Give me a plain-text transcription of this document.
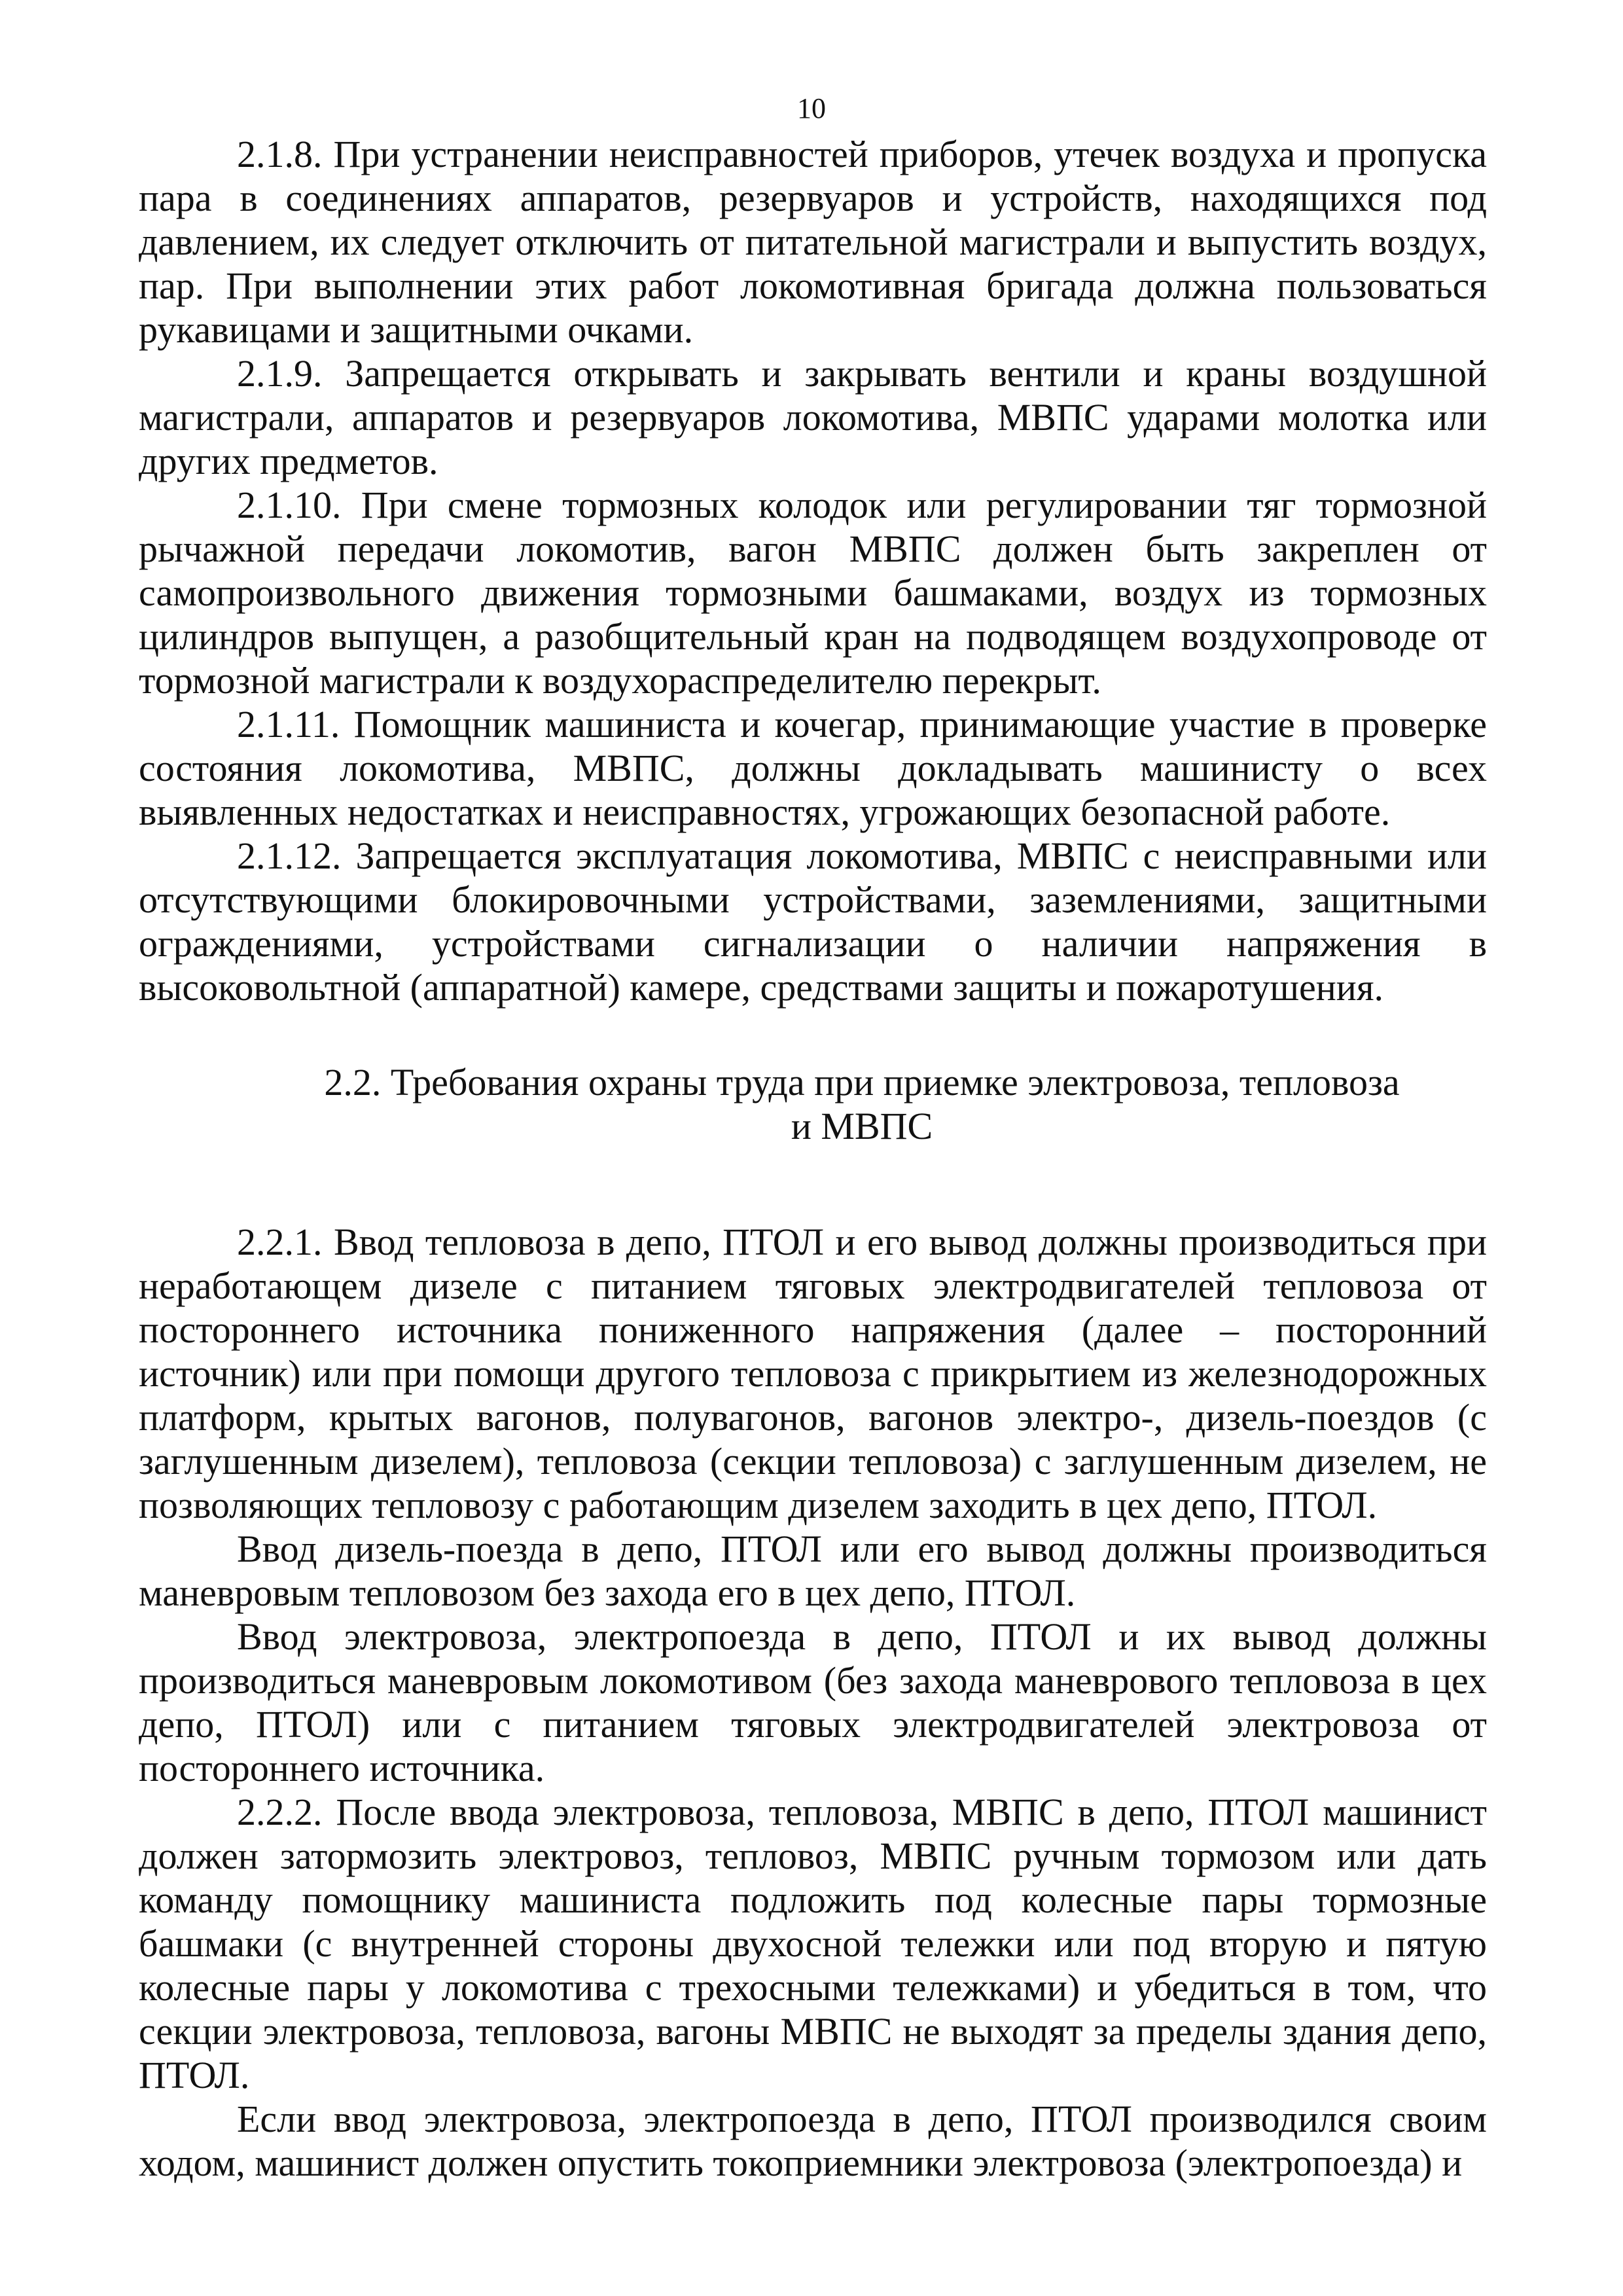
10

2.1.8. При устранении неисправностей приборов, утечек воздуха и пропуска пара в соединениях аппаратов, резервуаров и устройств, находящихся под давлением, их следует отключить от питательной магистрали и выпустить воздух, пар. При выполнении этих работ локомотивная бригада должна пользоваться рукавицами и защитными очками.

2.1.9. Запрещается открывать и закрывать вентили и краны воздушной магистрали, аппаратов и резервуаров локомотива, МВПС ударами молотка или других предметов.

2.1.10. При смене тормозных колодок или регулировании тяг тормозной рычажной передачи локомотив, вагон МВПС должен быть закреплен от самопроизвольного движения тормозными башмаками, воздух из тормозных цилиндров выпущен, а разобщительный кран на подводящем воздухопроводе от тормозной магистрали к воздухораспределителю перекрыт.

2.1.11. Помощник машиниста и кочегар, принимающие участие в проверке состояния локомотива, МВПС, должны докладывать машинисту о всех выявленных недостатках и неисправностях, угрожающих безопасной работе.

2.1.12. Запрещается эксплуатация локомотива, МВПС с неисправными или отсутствующими блокировочными устройствами, заземлениями, защитными ограждениями, устройствами сигнализации о наличии напряжения в высоковольтной (аппаратной) камере, средствами защиты и пожаротушения.

2.2. Требования охраны труда при приемке электровоза, тепловоза
и МВПС

2.2.1. Ввод тепловоза в депо, ПТОЛ и его вывод должны производиться при неработающем дизеле с питанием тяговых электродвигателей тепловоза от постороннего источника пониженного напряжения (далее – посторонний источник) или при помощи другого тепловоза с прикрытием из железнодорожных платформ, крытых вагонов, полувагонов, вагонов электро-, дизель-поездов (с заглушенным дизелем), тепловоза (секции тепловоза) с заглушенным дизелем, не позволяющих тепловозу с работающим дизелем заходить в цех депо, ПТОЛ.

Ввод дизель-поезда в депо, ПТОЛ или его вывод должны производиться маневровым тепловозом без захода его в цех депо, ПТОЛ.

Ввод электровоза, электропоезда в депо, ПТОЛ и их вывод должны производиться маневровым локомотивом (без захода маневрового тепловоза в цех депо, ПТОЛ) или с питанием тяговых электродвигателей электровоза от постороннего источника.

2.2.2. После ввода электровоза, тепловоза, МВПС в депо, ПТОЛ машинист должен затормозить электровоз, тепловоз, МВПС ручным тормозом или дать команду помощнику машиниста подложить под колесные пары тормозные башмаки (с внутренней стороны двухосной тележки или под вторую и пятую колесные пары у локомотива с трехосными тележками) и убедиться в том, что секции электровоза, тепловоза, вагоны МВПС не выходят за пределы здания депо, ПТОЛ.

Если ввод электровоза, электропоезда в депо, ПТОЛ производился своим ходом, машинист должен опустить токоприемники электровоза (электропоезда) и
